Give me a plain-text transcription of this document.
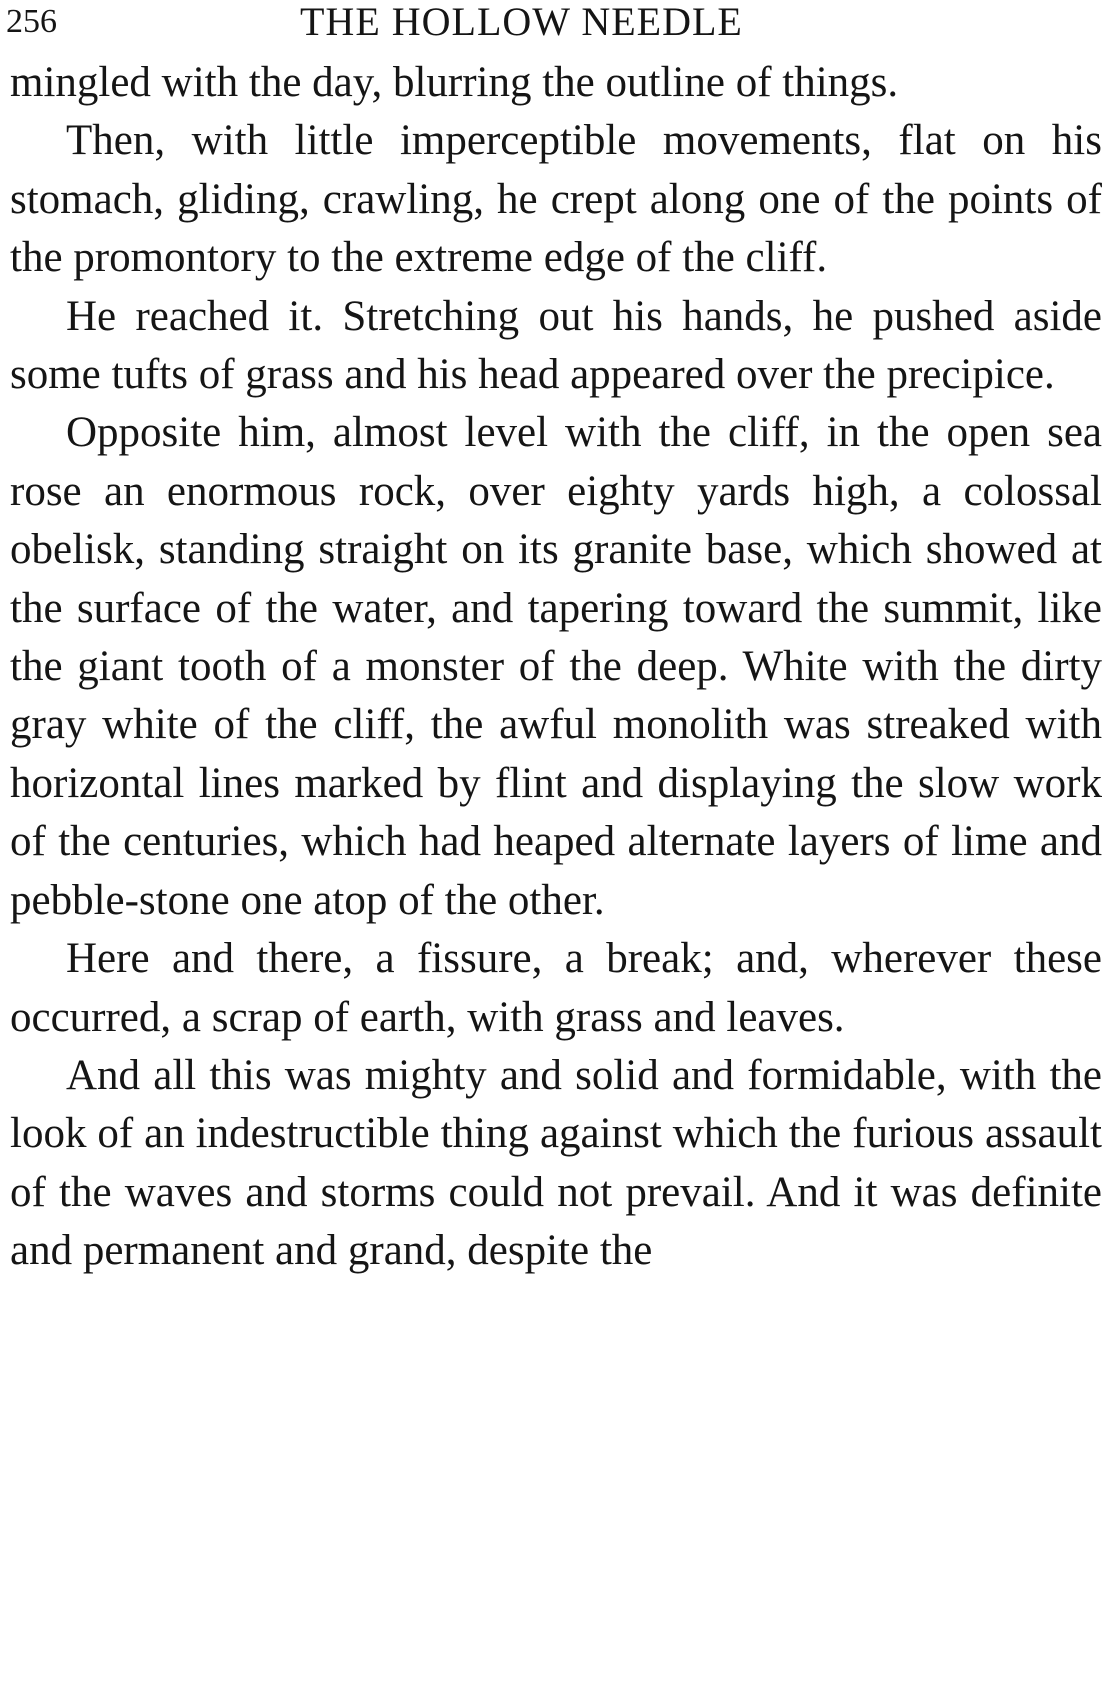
256	THE HOLLOW NEEDLE

mingled with the day, blurring the outline of things.

Then, with little imperceptible movements, flat on his stomach, gliding, crawling, he crept along one of the points of the promontory to the extreme edge of the cliff.

He reached it. Stretching out his hands, he pushed aside some tufts of grass and his head appeared over the precipice.

Opposite him, almost level with the cliff, in the open sea rose an enormous rock, over eighty yards high, a colossal obelisk, standing straight on its granite base, which showed at the surface of the water, and tapering toward the summit, like the giant tooth of a monster of the deep. White with the dirty gray white of the cliff, the awful monolith was streaked with horizontal lines marked by flint and displaying the slow work of the centuries, which had heaped alternate layers of lime and pebble-stone one atop of the other.

Here and there, a fissure, a break; and, wherever these occurred, a scrap of earth, with grass and leaves.

And all this was mighty and solid and formidable, with the look of an indestructible thing against which the furious assault of the waves and storms could not prevail. And it was definite and permanent and grand, despite the
